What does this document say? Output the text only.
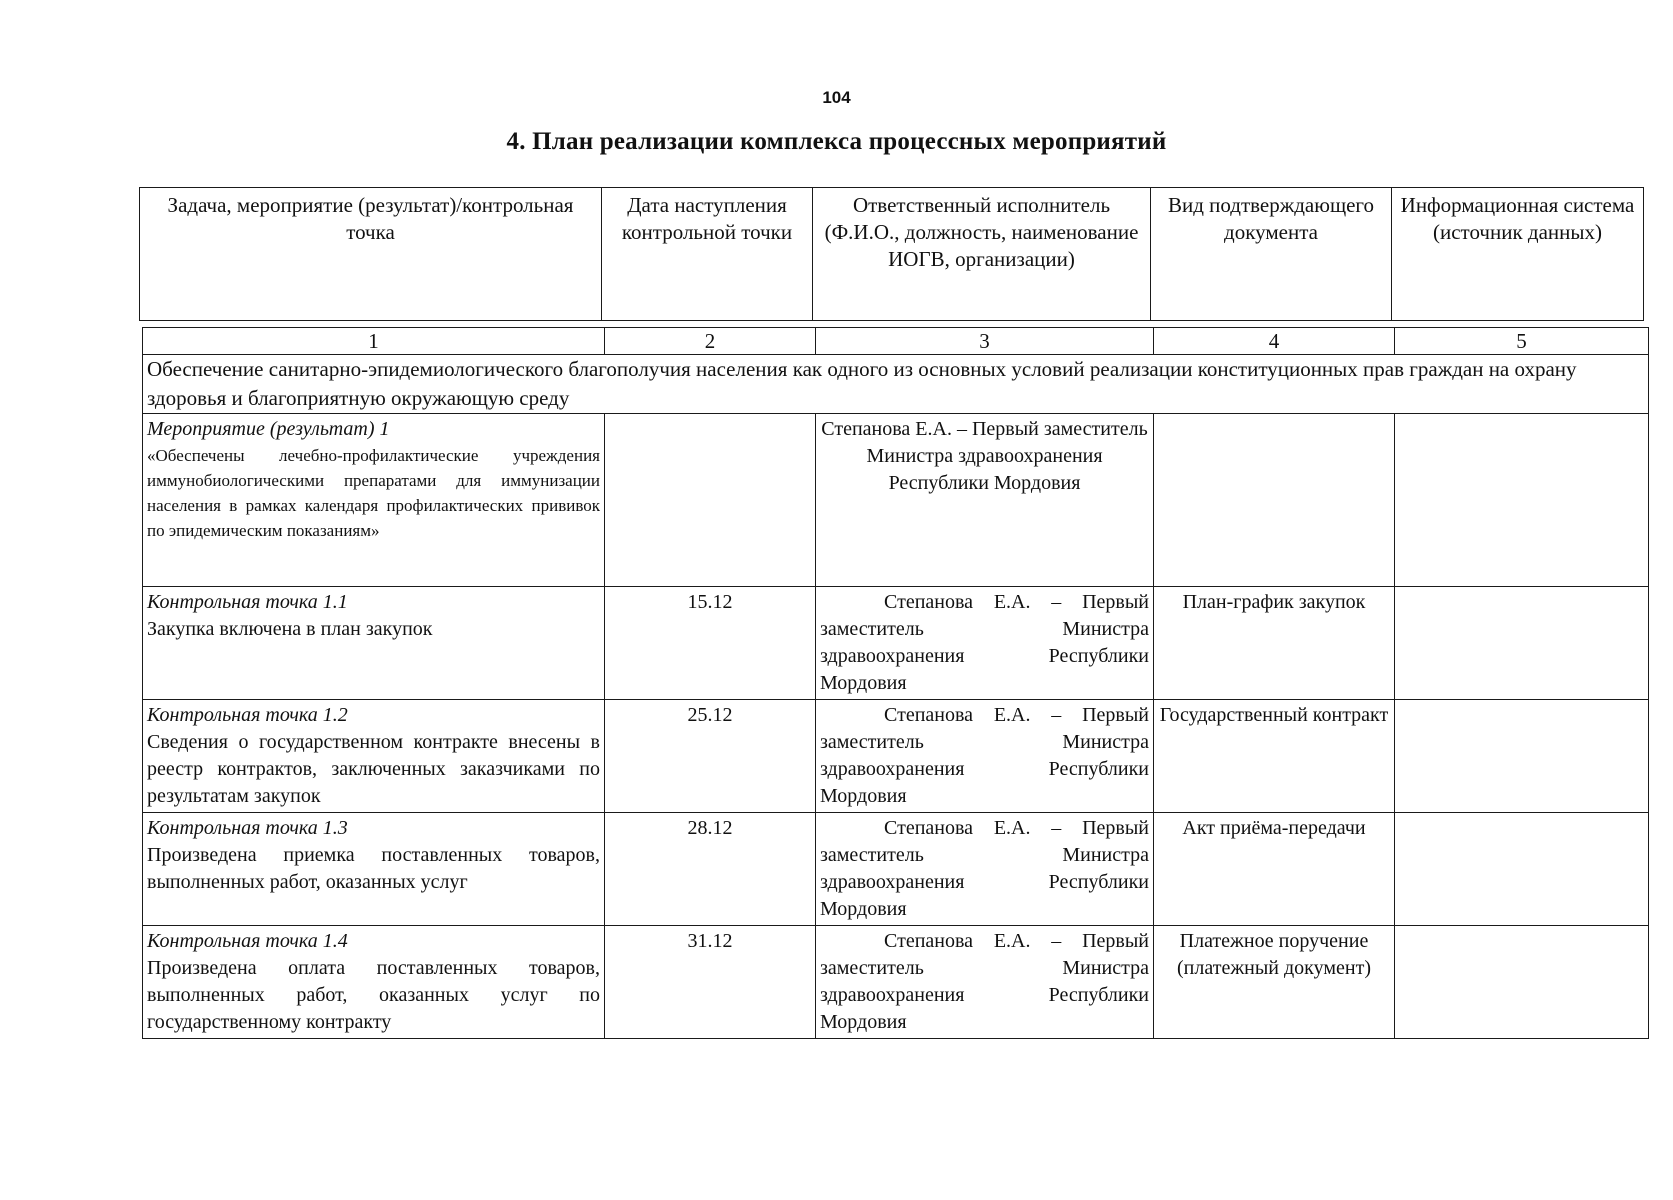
104
4. План реализации комплекса процессных мероприятий
Задача, мероприятие (результат)/контрольная точка	Дата наступления контрольной точки	Ответственный исполнитель (Ф.И.О., должность, наименование ИОГВ, организации)	Вид подтверждающего документа	Информационная система (источник данных)
1	2	3	4	5
Обеспечение санитарно-эпидемиологического благополучия населения как одного из основных условий реализации конституционных прав граждан на охрану здоровья и благоприятную окружающую среду				

Мероприятие (результат) 1
«Обеспечены лечебно-профилактические учреждения иммунобиологическими препаратами для иммунизации населения в рамках календаря профилактических прививок по эпидемическим показаниям»		Степанова Е.А. – Первый заместитель Министра здравоохранения Республики Мордовия		

Контрольная точка 1.1
Закупка включена в план закупок	15.12	Степанова Е.А. – Первый заместитель Министра здравоохранения Республики Мордовия	План-график закупок	

Контрольная точка 1.2
Сведения о государственном контракте внесены в реестр контрактов, заключенных заказчиками по результатам закупок	25.12	Степанова Е.А. – Первый заместитель Министра здравоохранения Республики Мордовия	Государственный контракт	

Контрольная точка 1.3
Произведена приемка поставленных товаров, выполненных работ, оказанных услуг	28.12	Степанова Е.А. – Первый заместитель Министра здравоохранения Республики Мордовия	Акт приёма-передачи	

Контрольная точка 1.4
Произведена оплата поставленных товаров, выполненных работ, оказанных услуг по государственному контракту	31.12	Степанова Е.А. – Первый заместитель Министра здравоохранения Республики Мордовия	Платежное поручение (платежный документ)	
